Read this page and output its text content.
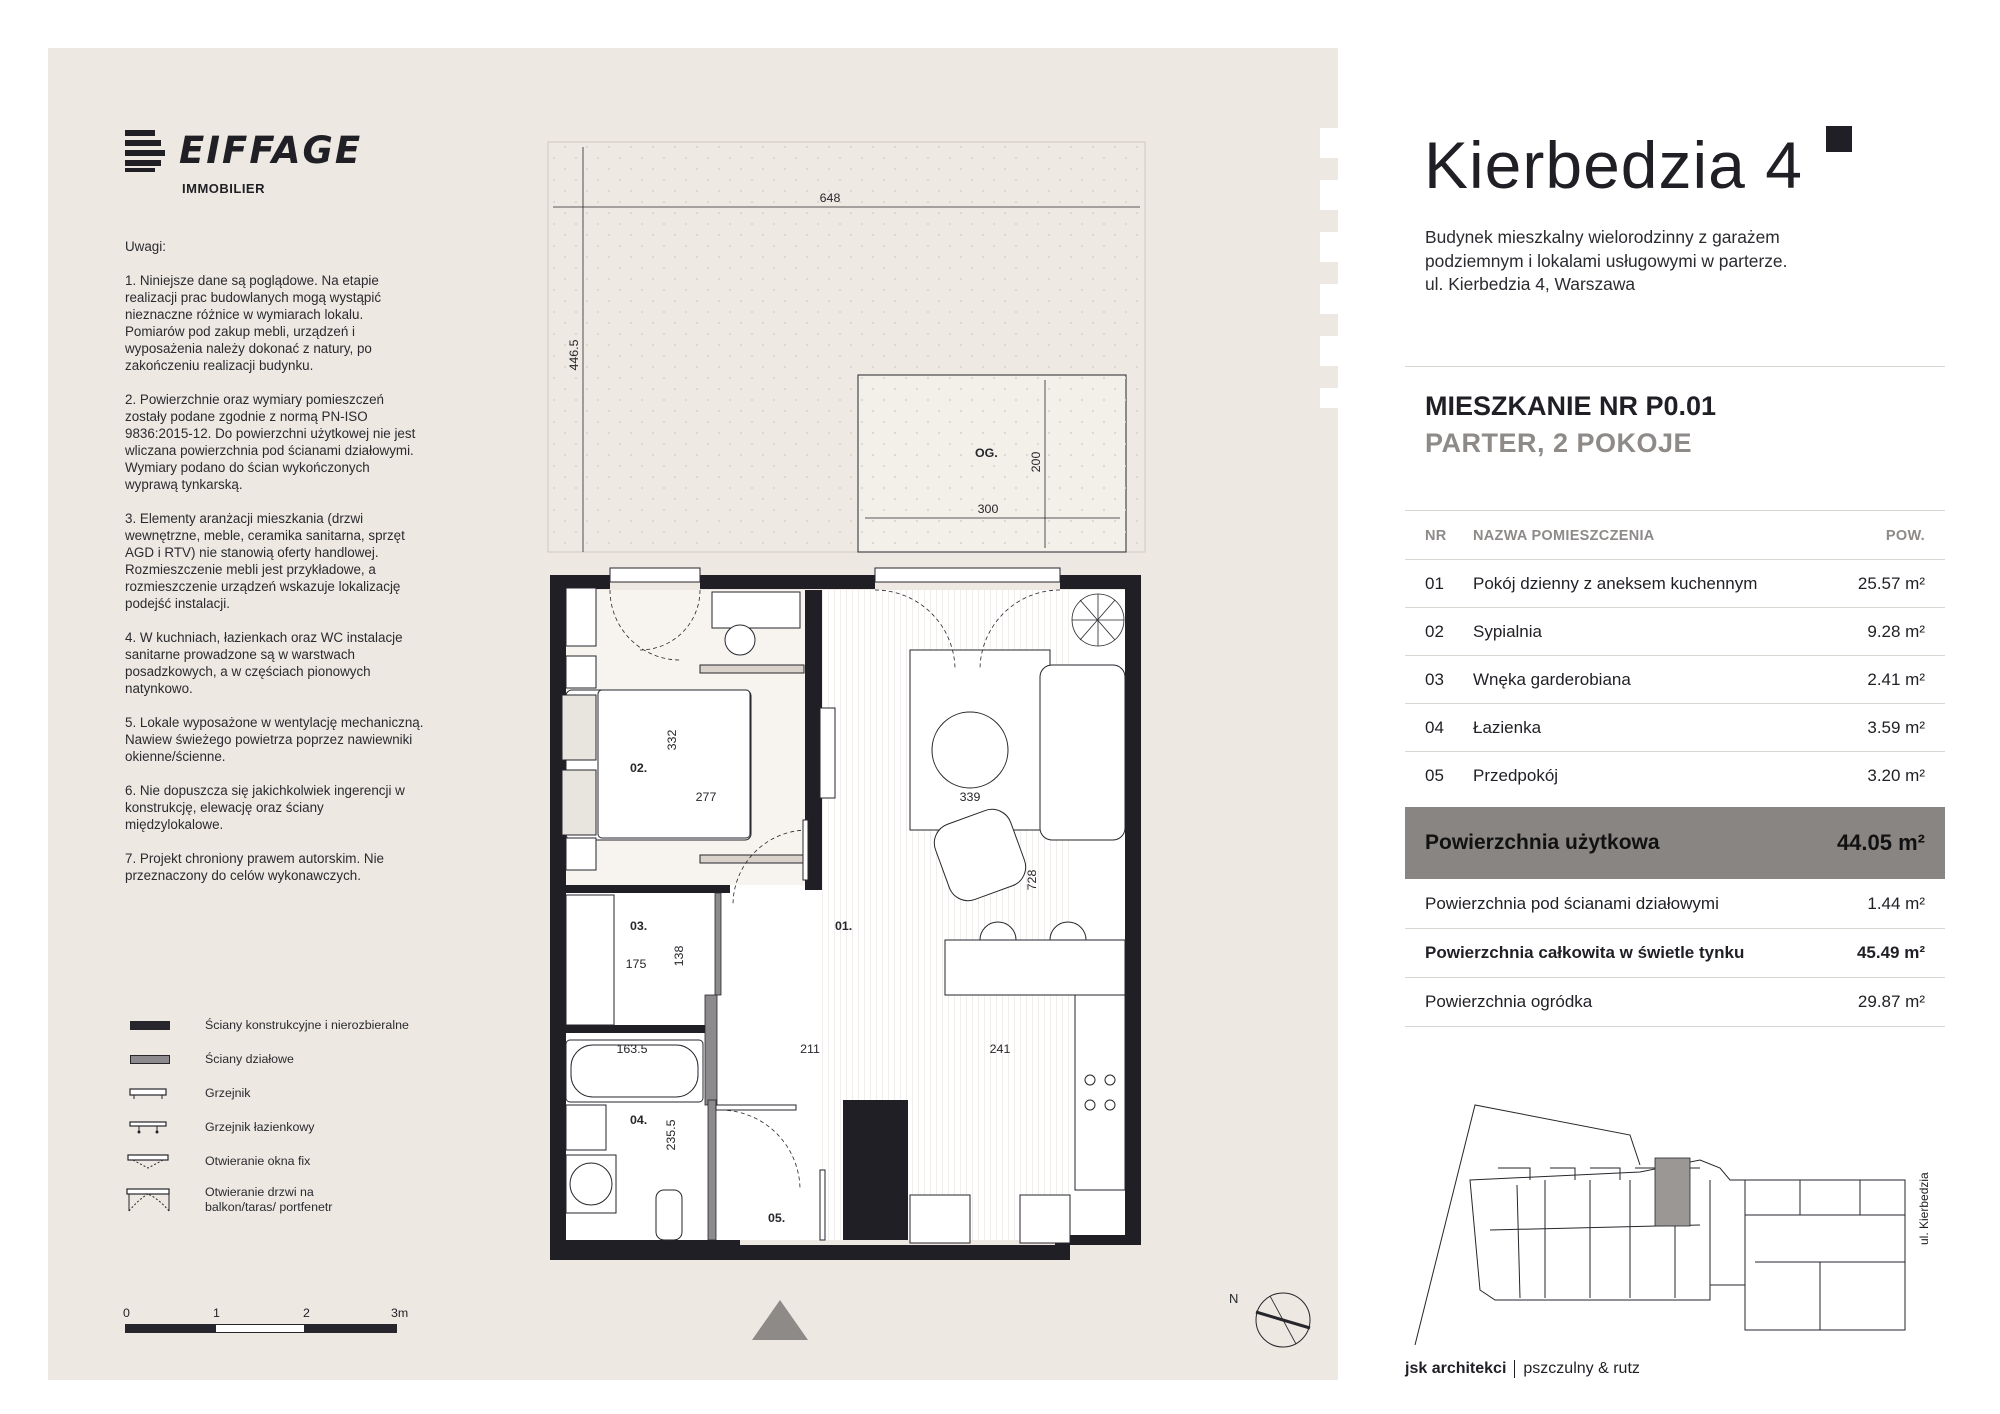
EIFFAGE
IMMOBILIER
Uwagi:

1. Niniejsze dane są poglądowe. Na etapie realizacji prac budowlanych mogą wystąpić nieznaczne różnice w wymiarach lokalu. Pomiarów pod zakup mebli, urządzeń i wyposażenia należy dokonać z natury, po zakończeniu realizacji budynku.

2. Powierzchnie oraz wymiary pomieszczeń zostały podane zgodnie z normą PN-ISO 9836:2015-12. Do powierzchni użytkowej nie jest wliczana powierzchnia pod ścianami działowymi. Wymiary podano do ścian wykończonych wyprawą tynkarską.

3. Elementy aranżacji mieszkania (drzwi wewnętrzne, meble, ceramika sanitarna, sprzęt AGD i RTV) nie stanowią oferty handlowej. Rozmieszczenie mebli jest przykładowe, a rozmieszczenie urządzeń wskazuje lokalizację podejść instalacji.

4. W kuchniach, łazienkach oraz WC instalacje sanitarne prowadzone są w warstwach posadzkowych, a w częściach pionowych natynkowo.

5. Lokale wyposażone w wentylację mechaniczną. Nawiew świeżego powietrza poprzez nawiewniki okienne/ścienne.

6. Nie dopuszcza się jakichkolwiek ingerencji w konstrukcję, elewację oraz ściany międzylokalowe.

7. Projekt chroniony prawem autorskim. Nie przeznaczony do celów wykonawczych.

Ściany konstrukcyjne i nierozbieralne
Ściany działowe
Grzejnik
Grzejnik łazienkowy
Otwieranie okna fix
Otwieranie drzwi na balkon/taras/ portfenetr
0	1	2	3m
648
446.5
300
200
332
277	339
728
175 138
163.5	211	241
235.5
OG.
01.
02.
03.
04.
05.
N
Kierbedzia 4
Budynek mieszkalny wielorodzinny z garażem
podziemnym i lokalami usługowymi w parterze.
ul. Kierbedzia 4, Warszawa
MIESZKANIE NR P0.01
PARTER, 2 POKOJE
NR	NAZWA POMIESZCZENIA	POW.
01	Pokój dzienny z aneksem kuchennym	25.57 m²
02	Sypialnia	9.28 m²
03	Wnęka garderobiana	2.41 m²
04	Łazienka	3.59 m²
05	Przedpokój	3.20 m²
Powierzchnia użytkowa	44.05 m²
Powierzchnia pod ścianami działowymi	1.44 m²
Powierzchnia całkowita w świetle tynku	45.49 m²
Powierzchnia ogródka	29.87 m²
ul. Kierbedzia
jsk architekci pszczulny & rutz
